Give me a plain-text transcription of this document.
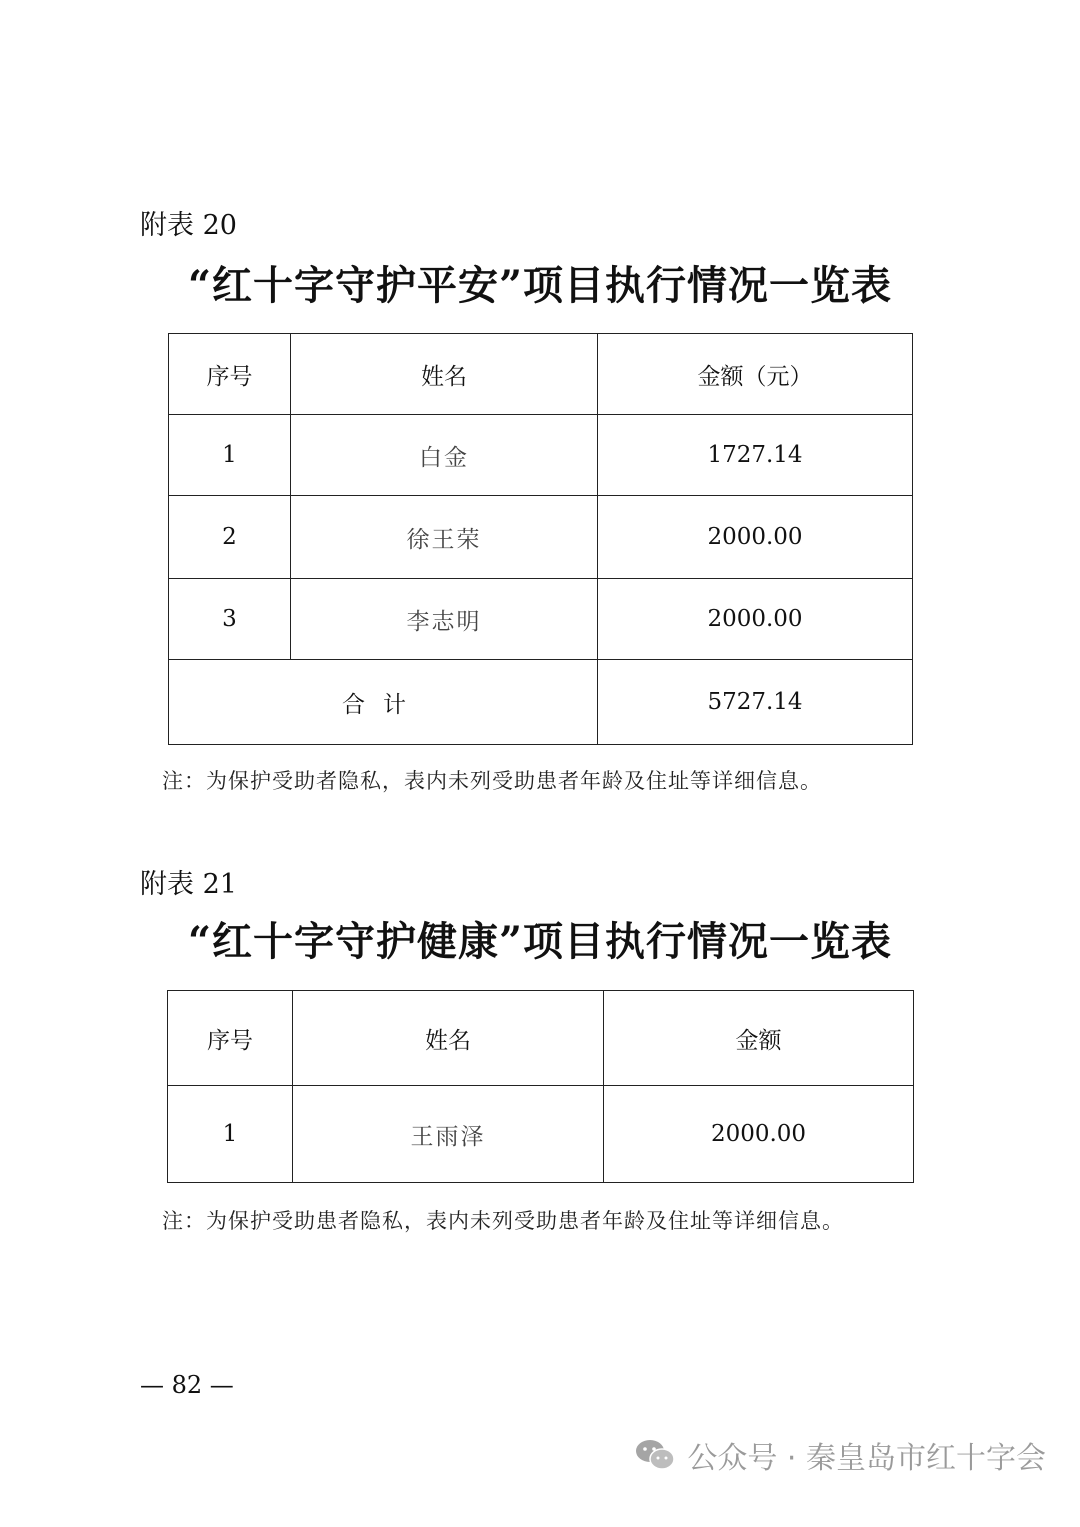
附表 20
“红十字守护平安”项目执行情况一览表
序号	姓名	金额（元）
1	白金	1727.14
2	徐王荣	2000.00
3	李志明	2000.00
合计		5727.14
注：为保护受助者隐私，表内未列受助患者年龄及住址等详细信息。
附表 21
“红十字守护健康”项目执行情况一览表
序号	姓名	金额
1	王雨泽	2000.00
注：为保护受助患者隐私，表内未列受助患者年龄及住址等详细信息。
— 82 —
公众号 · 秦皇岛市红十字会
